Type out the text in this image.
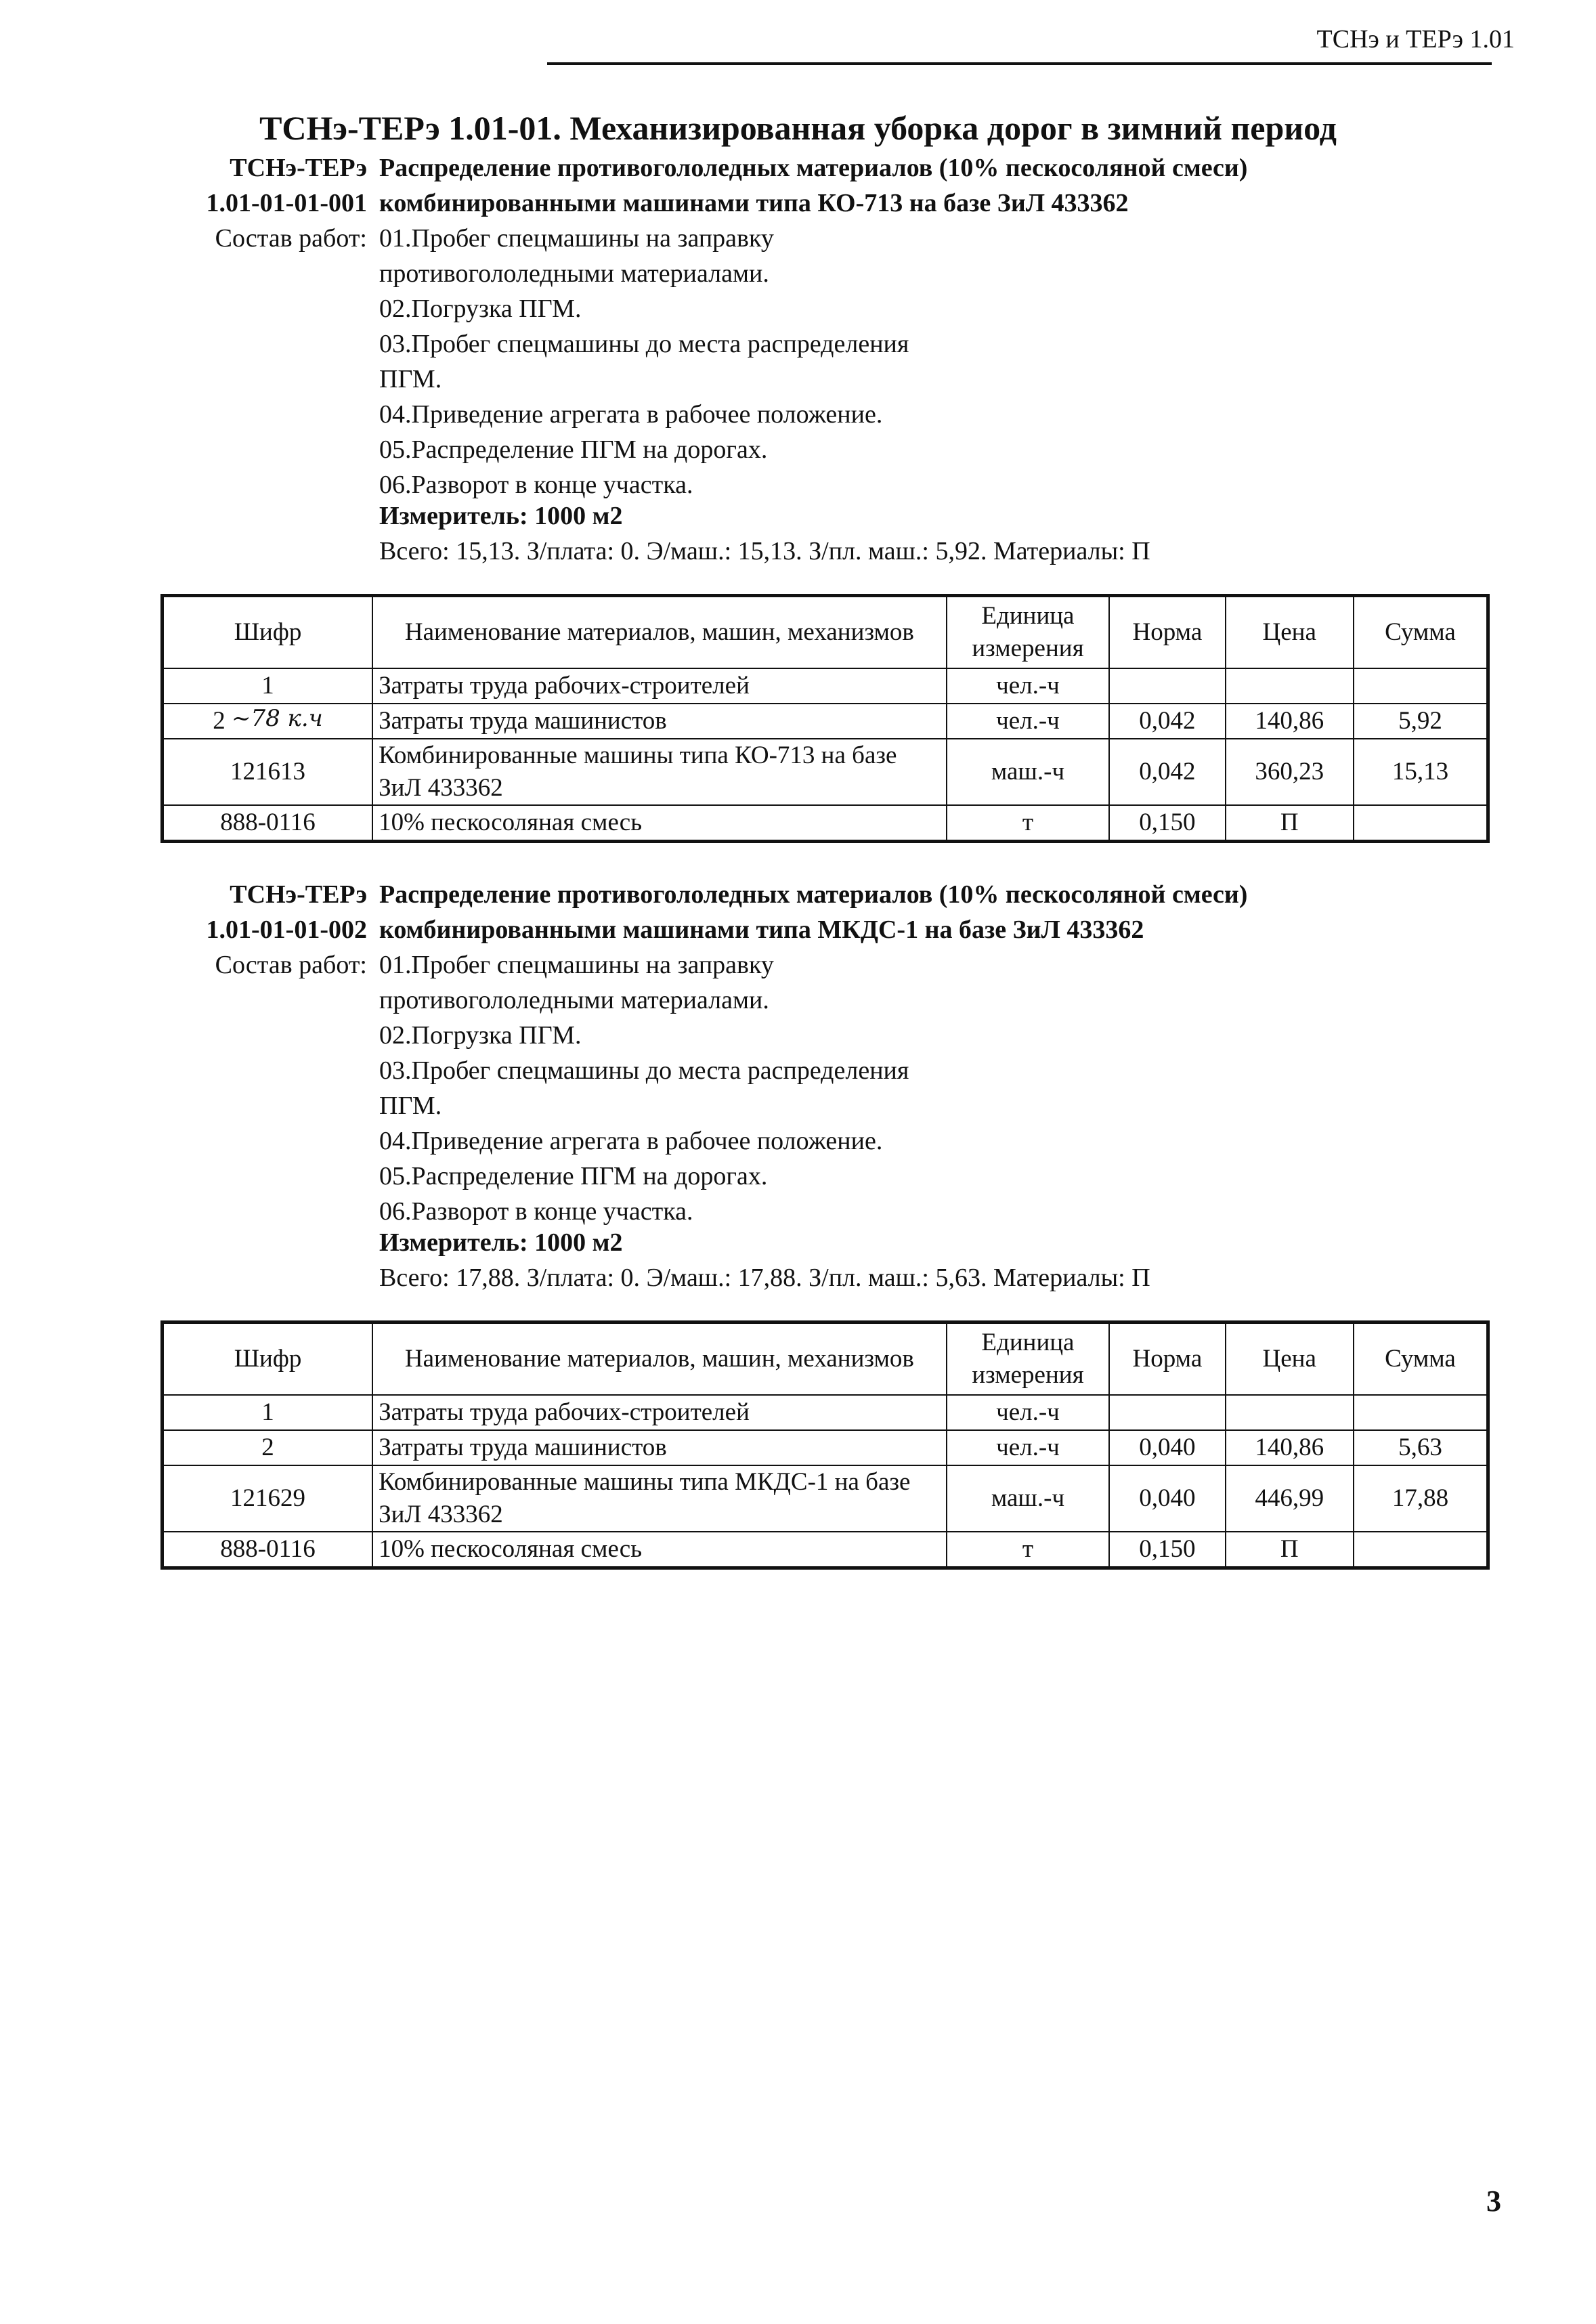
ТСНэ и ТЕРэ 1.01
ТСНэ-ТЕРэ 1.01-01. Механизированная уборка дорог в зимний период
ТСНэ-ТЕРэ Распределение противогололедных материалов (10% пескосоляной смеси)
1.01-01-01-001 комбинированными машинами типа КО-713 на базе ЗиЛ 433362
Состав работ: 01.Пробег спецмашины на заправку
противогололедными материалами.
02.Погрузка ПГМ.
03.Пробег спецмашины до места распределения
ПГМ.
04.Приведение агрегата в рабочее положение.
05.Распределение ПГМ на дорогах.
06.Разворот в конце участка.
Измеритель: 1000 м2
Всего: 15,13. З/плата: 0. Э/маш.: 15,13. З/пл. маш.: 5,92. Материалы: П
Шифр	Наименование материалов, машин, механизмов	Единица измерения	Норма	Цена	Сумма
1	Затраты труда рабочих-строителей	чел.-ч			
2 ~78 к.ч	Затраты труда машинистов	чел.-ч	0,042	140,86	5,92
121613	Комбинированные машины типа КО-713 на базе ЗиЛ 433362	маш.-ч	0,042	360,23	15,13
888-0116	10% пескосоляная смесь	т	0,150	П	
ТСНэ-ТЕРэ Распределение противогололедных материалов (10% пескосоляной смеси)
1.01-01-01-002 комбинированными машинами типа МКДС-1 на базе ЗиЛ 433362
Состав работ: 01.Пробег спецмашины на заправку
противогололедными материалами.
02.Погрузка ПГМ.
03.Пробег спецмашины до места распределения
ПГМ.
04.Приведение агрегата в рабочее положение.
05.Распределение ПГМ на дорогах.
06.Разворот в конце участка.
Измеритель: 1000 м2
Всего: 17,88. З/плата: 0. Э/маш.: 17,88. З/пл. маш.: 5,63. Материалы: П
Шифр	Наименование материалов, машин, механизмов	Единица измерения	Норма	Цена	Сумма
1	Затраты труда рабочих-строителей	чел.-ч			
2	Затраты труда машинистов	чел.-ч	0,040	140,86	5,63
121629	Комбинированные машины типа МКДС-1 на базе ЗиЛ 433362	маш.-ч	0,040	446,99	17,88
888-0116	10% пескосоляная смесь	т	0,150	П	
3
